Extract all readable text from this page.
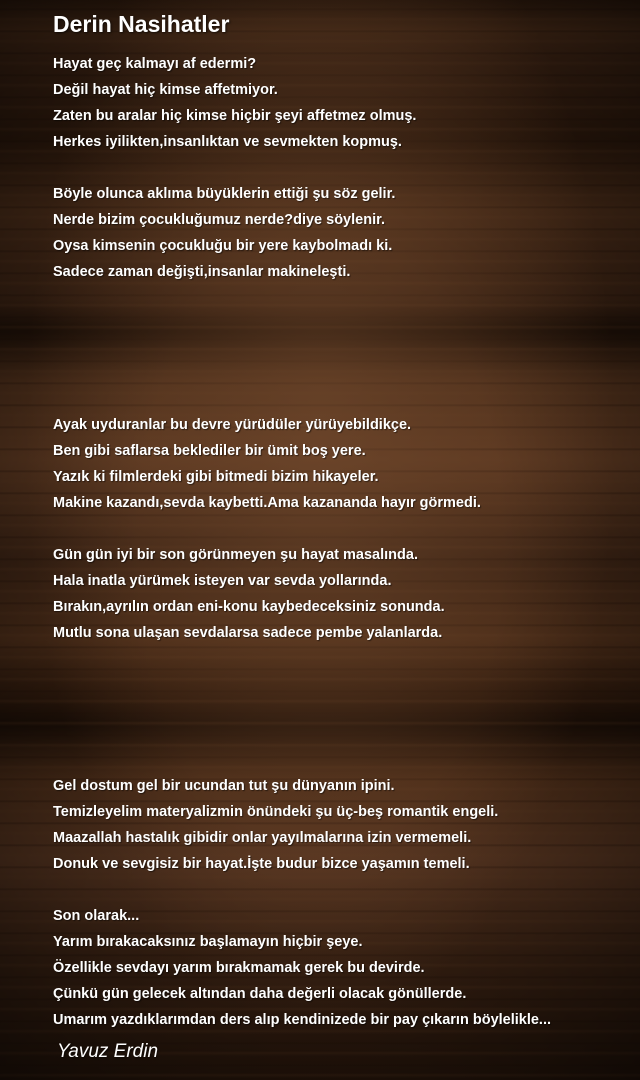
Derin Nasihatler
Hayat geç kalmayı af edermi?
Değil hayat hiç kimse affetmiyor.
Zaten bu aralar hiç kimse hiçbir şeyi affetmez olmuş.
Herkes iyilikten,insanlıktan ve sevmekten kopmuş.
Böyle olunca aklıma büyüklerin ettiği şu söz gelir.
Nerde bizim çocukluğumuz nerde?diye söylenir.
Oysa kimsenin çocukluğu bir yere kaybolmadı ki.
Sadece zaman değişti,insanlar makineleşti.
Ayak uyduranlar bu devre yürüdüler yürüyebildikçe.
Ben gibi saflarsa beklediler bir ümit boş yere.
Yazık ki filmlerdeki gibi bitmedi bizim hikayeler.
Makine kazandı,sevda kaybetti.Ama kazananda hayır görmedi.
Gün gün iyi bir son görünmeyen şu hayat masalında.
Hala inatla yürümek isteyen var sevda yollarında.
Bırakın,ayrılın ordan eni-konu kaybedeceksiniz sonunda.
Mutlu sona ulaşan sevdalarsa sadece pembe yalanlarda.
Gel dostum gel bir ucundan tut şu dünyanın ipini.
Temizleyelim materyalizmin önündeki şu üç-beş romantik engeli.
Maazallah hastalık gibidir onlar yayılmalarına izin vermemeli.
Donuk ve sevgisiz bir hayat.İşte budur bizce yaşamın temeli.
Son olarak...
Yarım bırakacaksınız başlamayın hiçbir şeye.
Özellikle sevdayı yarım bırakmamak gerek bu devirde.
Çünkü gün gelecek altından daha değerli olacak gönüllerde.
Umarım yazdıklarımdan ders alıp kendinizede bir pay çıkarın böylelikle...
Yavuz Erdin
